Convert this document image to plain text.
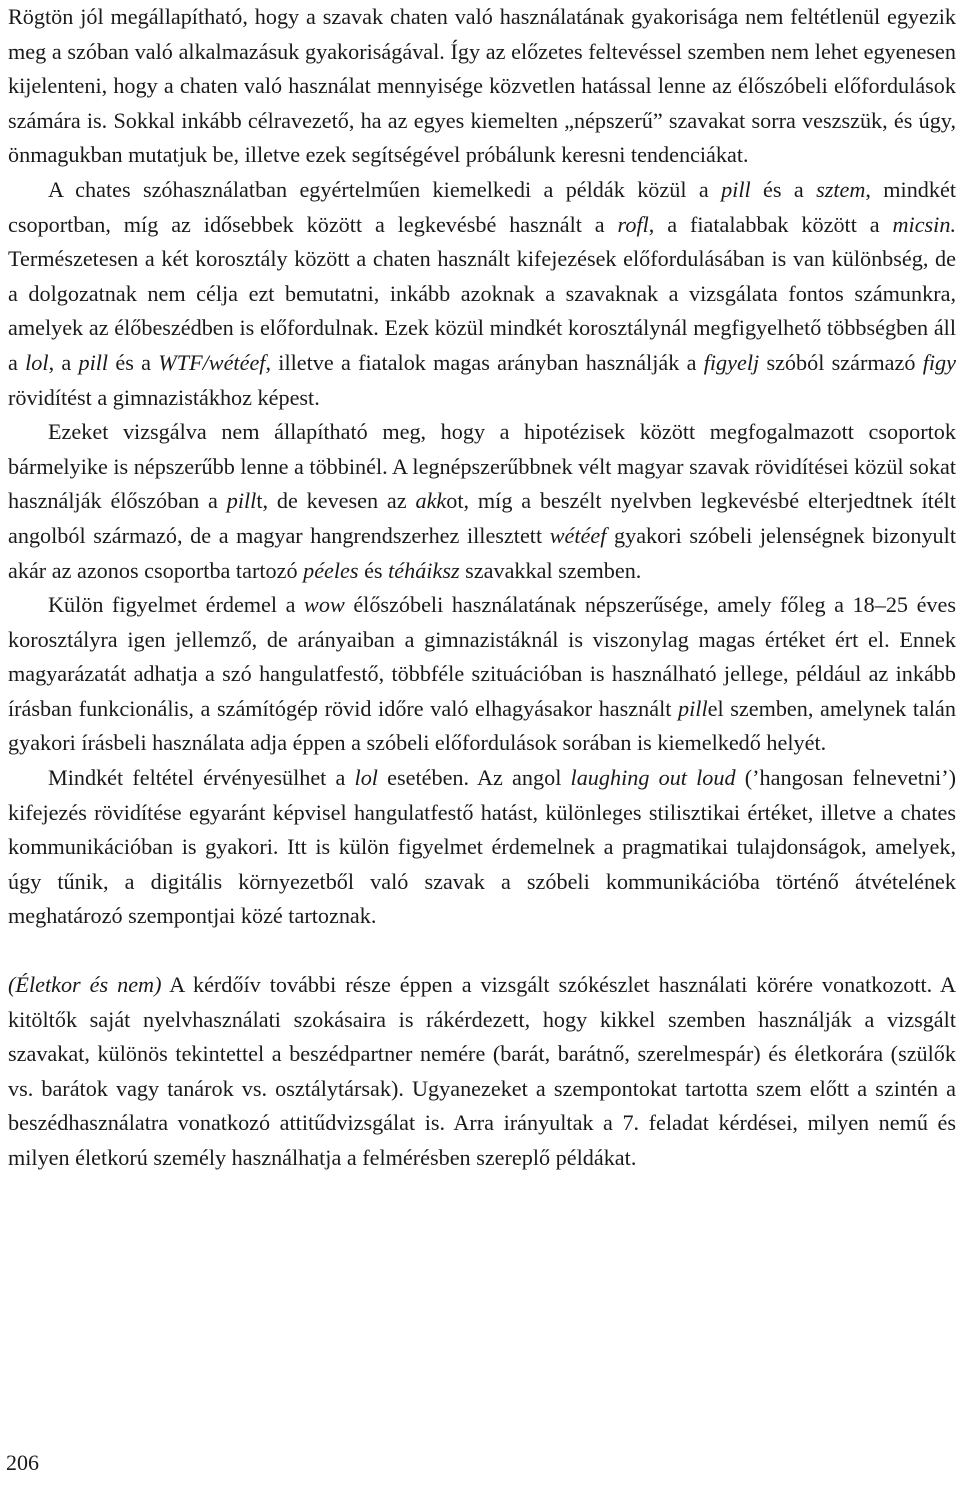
Rögtön jól megállapítható, hogy a szavak chaten való használatának gyakorisága nem feltétlenül egyezik meg a szóban való alkalmazásuk gyakoriságával. Így az előzetes feltevéssel szemben nem lehet egyenesen kijelenteni, hogy a chaten való használat mennyisége közvetlen hatással lenne az élőszóbeli előfordulások számára is. Sokkal inkább célravezető, ha az egyes kiemelten „népszerű” szavakat sorra veszszük, és úgy, önmagukban mutatjuk be, illetve ezek segítségével próbálunk keresni tendenciákat.

A chates szóhasználatban egyértelműen kiemelkedi a példák közül a pill és a sztem, mindkét csoportban, míg az idősebbek között a legkevésbé használt a rofl, a fiatalabbak között a micsin. Természetesen a két korosztály között a chaten használt kifejezések előfordulásában is van különbség, de a dolgozatnak nem célja ezt bemutatni, inkább azoknak a szavaknak a vizsgálata fontos számunkra, amelyek az élőbeszédben is előfordulnak. Ezek közül mindkét korosztálynál megfigyelhető többségben áll a lol, a pill és a WTF/wétéef, illetve a fiatalok magas arányban használják a figyelj szóból származó figy rövidítést a gimnazistákhoz képest.

Ezeket vizsgálva nem állapítható meg, hogy a hipotézisek között megfogalmazott csoportok bármelyike is népszerűbb lenne a többinél. A legnépszerűbbnek vélt magyar szavak rövidítései közül sokat használják élőszóban a pillt, de kevesen az akkot, míg a beszélt nyelvben legkevésbé elterjedtnek ítélt angolból származó, de a magyar hangrendszerhez illesztett wétéef gyakori szóbeli jelenségnek bizonyult akár az azonos csoportba tartozó péeles és téháiksz szavakkal szemben.

Külön figyelmet érdemel a wow élőszóbeli használatának népszerűsége, amely főleg a 18–25 éves korosztályra igen jellemző, de arányaiban a gimnazistáknál is viszonylag magas értéket ért el. Ennek magyarázatát adhatja a szó hangulatfestő, többféle szituációban is használható jellege, például az inkább írásban funkcionális, a számítógép rövid időre való elhagyásakor használt pillel szemben, amelynek talán gyakori írásbeli használata adja éppen a szóbeli előfordulások sorában is kiemelkedő helyét.

Mindkét feltétel érvényesülhet a lol esetében. Az angol laughing out loud (’hangosan felnevetni’) kifejezés rövidítése egyaránt képvisel hangulatfestő hatást, különleges stilisztikai értéket, illetve a chates kommunikációban is gyakori. Itt is külön figyelmet érdemelnek a pragmatikai tulajdonságok, amelyek, úgy tűnik, a digitális környezetből való szavak a szóbeli kommunikációba történő átvételének meghatározó szempontjai közé tartoznak.

(Életkor és nem) A kérdőív további része éppen a vizsgált szókészlet használati körére vonatkozott. A kitöltők saját nyelvhasználati szokásaira is rákérdezett, hogy kikkel szemben használják a vizsgált szavakat, különös tekintettel a beszédpartner nemére (barát, barátnő, szerelmespár) és életkorára (szülők vs. barátok vagy tanárok vs. osztálytársak). Ugyanezeket a szempontokat tartotta szem előtt a szintén a beszédhasználatra vonatkozó attitűdvizsgálat is. Arra irányultak a 7. feladat kérdései, milyen nemű és milyen életkorú személy használhatja a felmérésben szereplő példákat.

206
